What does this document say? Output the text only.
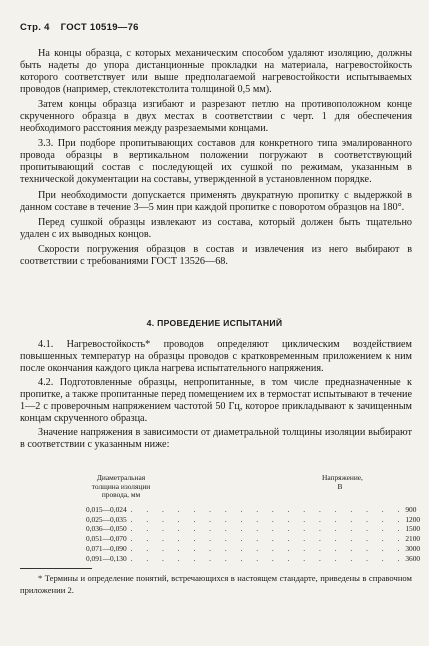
Стр. 4 ГОСТ 10519—76

На концы образца, с которых механическим способом удаляют изоляцию, должны быть надеты до упора дистанционные прокладки на материала, нагревостойкость которого соответствует или выше предполагаемой нагревостойкости испытываемых проводов (например, стеклотекстолита толщиной 0,5 мм).

Затем концы образца изгибают и разрезают петлю на противоположном конце скрученного образца в двух местах в соответствии с черт. 1 для обеспечения необходимого расстояния между разрезаемыми концами.

3.3. При подборе пропитывающих составов для конкретного типа эмалированного провода образцы в вертикальном положении погружают в соответствующий пропитывающий состав с последующей их сушкой по режимам, указанным в технической документации на составы, утвержденной в установленном порядке.

При необходимости допускается применять двукратную пропитку с выдержкой в данном составе в течение 3—5 мин при каждой пропитке с поворотом образцов на 180°.

Перед сушкой образцы извлекают из состава, который должен быть тщательно удален с их выводных концов.

Скорости погружения образцов в состав и извлечения из него выбирают в соответствии с требованиями ГОСТ 13526—68.

4. ПРОВЕДЕНИЕ ИСПЫТАНИЙ

4.1. Нагревостойкость* проводов определяют циклическим воздействием повышенных температур на образцы проводов с кратковременным приложением к ним после окончания каждого цикла нагрева испытательного напряжения.

4.2. Подготовленные образцы, непропитанные, в том числе предназначенные к пропитке, а также пропитанные перед помещением их в термостат испытывают в течение 1—2 с проверочным напряжением частотой 50 Гц, которое прикладывают к зачищенным концам скрученного образца.

Значение напряжения в зависимости от диаметральной толщины изоляции выбирают в соответствии с указанным ниже:

Диаметральная толщина изоляции провода, мм
Напряжение, В
0,015—0,024 . . . . . . . . . . . . . . . . . . 900
0,025—0,035 . . . . . . . . . . . . . . . . . . 1200
0,036—0,050 . . . . . . . . . . . . . . . . . . 1500
0,051—0,070 . . . . . . . . . . . . . . . . . . 2100
0,071—0,090 . . . . . . . . . . . . . . . . . . 3000
0,091—0,130 . . . . . . . . . . . . . . . . . . 3600

* Термины и определение понятий, встречающихся в настоящем стандарте, приведены в справочном приложении 2.
